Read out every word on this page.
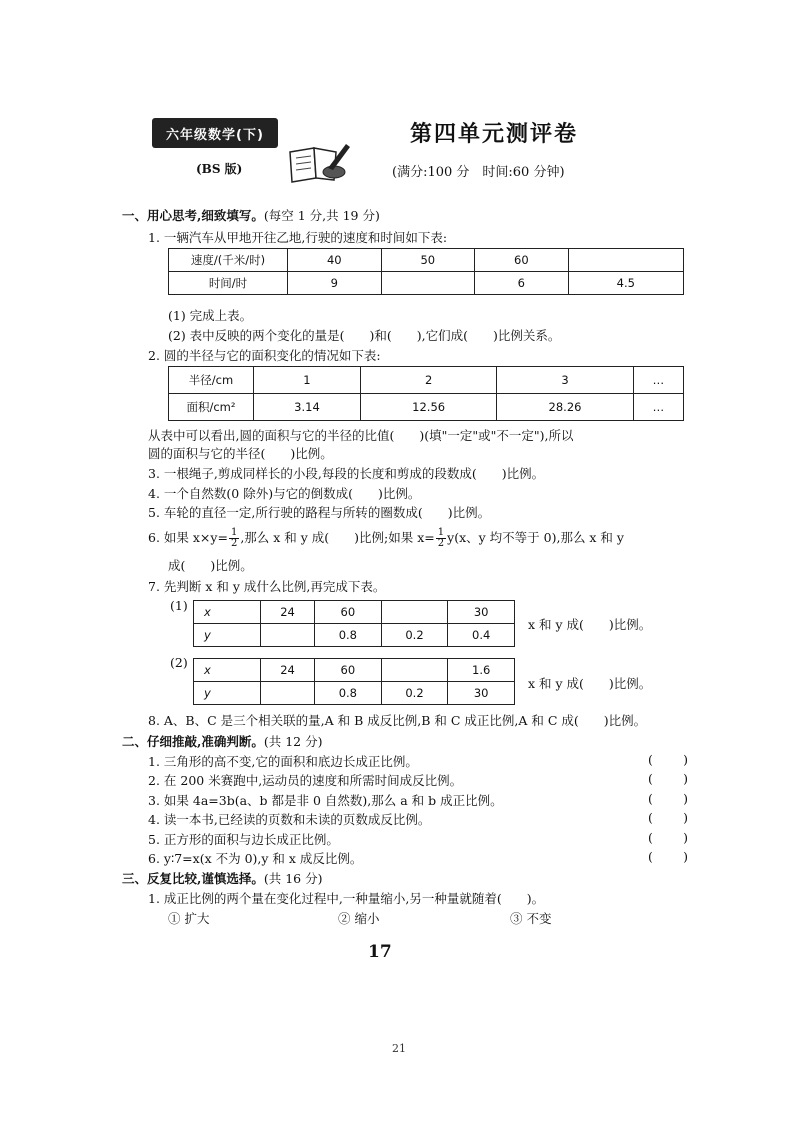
六年级数学(下)
(BS 版)
第四单元测评卷
(满分:100 分　时间:60 分钟)
一、用心思考,细致填写。(每空 1 分,共 19 分)
1. 一辆汽车从甲地开往乙地,行驶的速度和时间如下表:
速度/(千米/时)	40	50	60	
时间/时	9		6	4.5
(1) 完成上表。
(2) 表中反映的两个变化的量是(　　)和(　　),它们成(　　)比例关系。
2. 圆的半径与它的面积变化的情况如下表:
半径/cm	1	2	3	…
面积/cm²	3.14	12.56	28.26	…
从表中可以看出,圆的面积与它的半径的比值(　　)(填"一定"或"不一定"),所以
圆的面积与它的半径(　　)比例。
3. 一根绳子,剪成同样长的小段,每段的长度和剪成的段数成(　　)比例。
4. 一个自然数(0 除外)与它的倒数成(　　)比例。
5. 车轮的直径一定,所行驶的路程与所转的圈数成(　　)比例。
6. 如果 $x\times y= \frac{1}{2}$ ,那么 x 和 y 成(　　)比例;如果 $x= \frac{1}{2} y(x$、y 均不等于 0),那么 x 和 y
成(　　)比例。
7. 先判断 x 和 y 成什么比例,再完成下表。
(1) x	24	60		30
y		0.8	0.2	0.4
x 和 y 成(　　)比例。
(2) x	24	60		1.6
y		0.8	0.2	30
x 和 y 成(　　)比例。
8. A、B、C 是三个相关联的量,A 和 B 成反比例,B 和 C 成正比例,A 和 C 成(　　)比例。
二、仔细推敲,准确判断。(共 12 分)
1. 三角形的高不变,它的面积和底边长成正比例。	( )
2. 在 200 米赛跑中,运动员的速度和所需时间成反比例。	( )
3. 如果 4a=3b(a、b 都是非 0 自然数),那么 a 和 b 成正比例。	( )
4. 读一本书,已经读的页数和未读的页数成反比例。	( )
5. 正方形的面积与边长成正比例。	( )
6. y∶7=x(x 不为 0),y 和 x 成反比例。	( )
三、反复比较,谨慎选择。(共 16 分)
1. 成正比例的两个量在变化过程中,一种量缩小,另一种量就随着(　　)。
① 扩大	② 缩小	③ 不变
17
21
